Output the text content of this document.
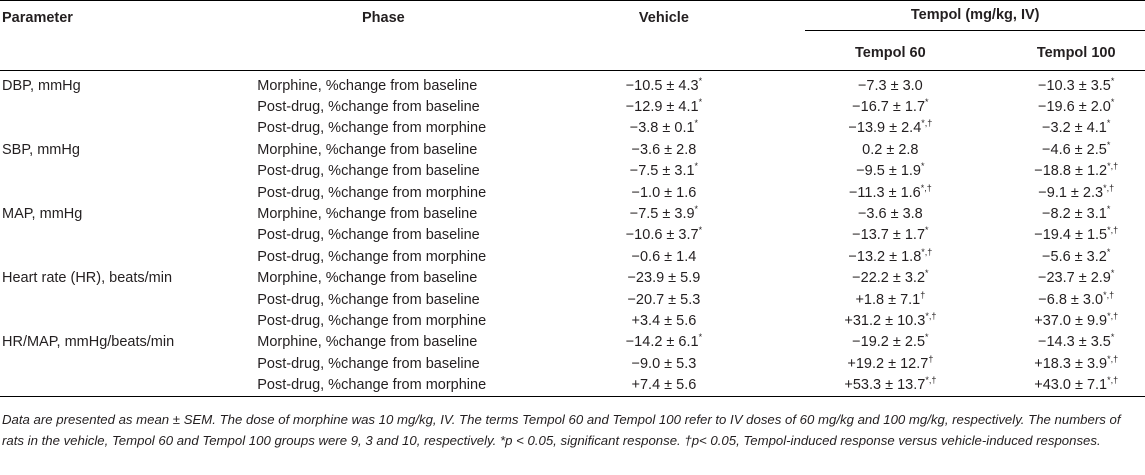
Parameter	Phase	Vehicle	Tempol (mg/kg, IV)	

			Tempol 60	Tempol 100

DBP, mmHg	Morphine, %change from baseline	−10.5 ± 4.3*	−7.3 ± 3.0	−10.3 ± 3.5*
	Post-drug, %change from baseline	−12.9 ± 4.1*	−16.7 ± 1.7*	−19.6 ± 2.0*
	Post-drug, %change from morphine	−3.8 ± 0.1*	−13.9 ± 2.4*,†	−3.2 ± 4.1*
SBP, mmHg	Morphine, %change from baseline	−3.6 ± 2.8	0.2 ± 2.8	−4.6 ± 2.5*
	Post-drug, %change from baseline	−7.5 ± 3.1*	−9.5 ± 1.9*	−18.8 ± 1.2*,†
	Post-drug, %change from morphine	−1.0 ± 1.6	−11.3 ± 1.6*,†	−9.1 ± 2.3*,†
MAP, mmHg	Morphine, %change from baseline	−7.5 ± 3.9*	−3.6 ± 3.8	−8.2 ± 3.1*
	Post-drug, %change from baseline	−10.6 ± 3.7*	−13.7 ± 1.7*	−19.4 ± 1.5*,†
	Post-drug, %change from morphine	−0.6 ± 1.4	−13.2 ± 1.8*,†	−5.6 ± 3.2*
Heart rate (HR), beats/min	Morphine, %change from baseline	−23.9 ± 5.9	−22.2 ± 3.2*	−23.7 ± 2.9*
	Post-drug, %change from baseline	−20.7 ± 5.3	+1.8 ± 7.1†	−6.8 ± 3.0*,†
	Post-drug, %change from morphine	+3.4 ± 5.6	+31.2 ± 10.3*,†	+37.0 ± 9.9*,†
HR/MAP, mmHg/beats/min	Morphine, %change from baseline	−14.2 ± 6.1*	−19.2 ± 2.5*	−14.3 ± 3.5*
	Post-drug, %change from baseline	−9.0 ± 5.3	+19.2 ± 12.7†	+18.3 ± 3.9*,†
	Post-drug, %change from morphine	+7.4 ± 5.6	+53.3 ± 13.7*,†	+43.0 ± 7.1*,†
Data are presented as mean ± SEM. The dose of morphine was 10 mg/kg, IV. The terms Tempol 60 and Tempol 100 refer to IV doses of 60 mg/kg and 100 mg/kg, respectively. The numbers of rats in the vehicle, Tempol 60 and Tempol 100 groups were 9, 3 and 10, respectively. *p < 0.05, significant response. †p< 0.05, Tempol-induced response versus vehicle-induced responses.
